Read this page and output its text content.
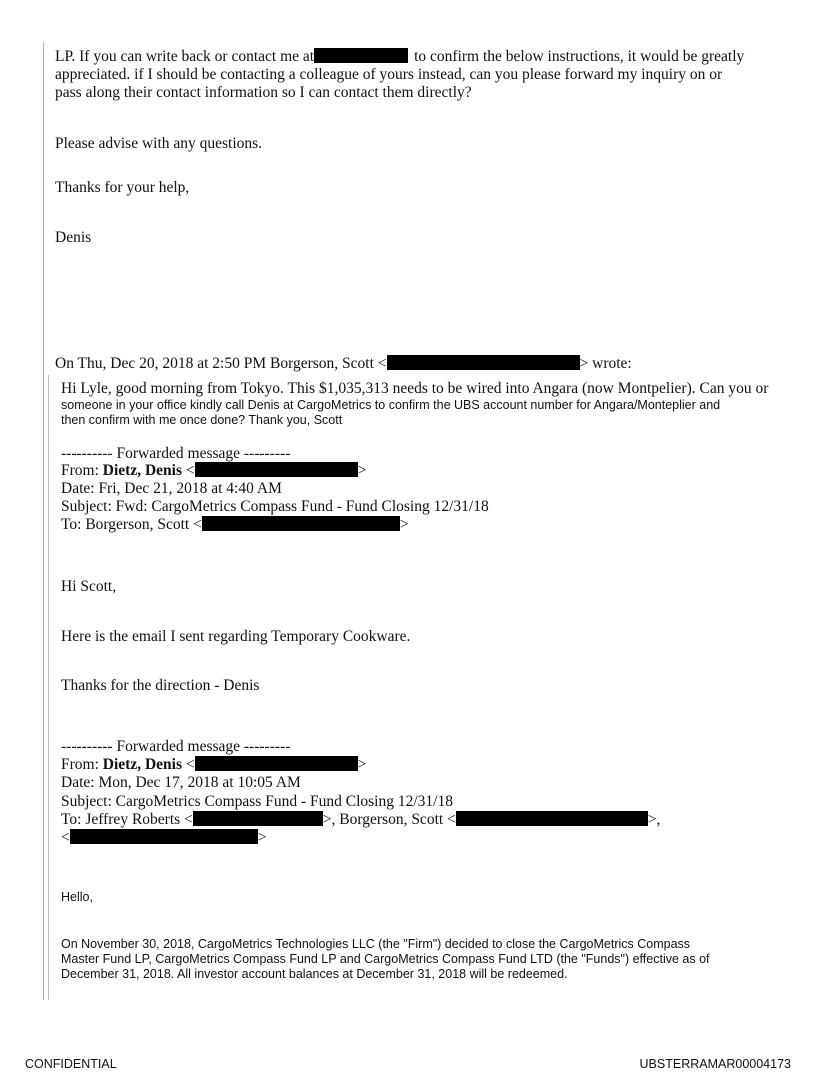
LP. If you can write back or contact me at	to confirm the below instructions, it would be greatly
appreciated. if I should be contacting a colleague of yours instead, can you please forward my inquiry on or
pass along their contact information so I can contact them directly?
Please advise with any questions.
Thanks for your help,
Denis
On Thu, Dec 20, 2018 at 2:50 PM Borgerson, Scott <	> wrote:
Hi Lyle, good morning from Tokyo. This $1,035,313 needs to be wired into Angara (now Montpelier). Can you or
someone in your office kindly call Denis at CargoMetrics to confirm the UBS account number for Angara/Monteplier and
then confirm with me once done? Thank you, Scott
---------- Forwarded message ---------
From: Dietz, Denis <	>
Date: Fri, Dec 21, 2018 at 4:40 AM
Subject: Fwd: CargoMetrics Compass Fund - Fund Closing 12/31/18
To: Borgerson, Scott <	>
Hi Scott,
Here is the email I sent regarding Temporary Cookware.
Thanks for the direction - Denis
---------- Forwarded message ---------
From: Dietz, Denis <	>
Date: Mon, Dec 17, 2018 at 10:05 AM
Subject: CargoMetrics Compass Fund - Fund Closing 12/31/18
To: Jeffrey Roberts <	>, Borgerson, Scott <	>,
<	>
Hello,
On November 30, 2018, CargoMetrics Technologies LLC (the "Firm") decided to close the CargoMetrics Compass
Master Fund LP, CargoMetrics Compass Fund LP and CargoMetrics Compass Fund LTD (the "Funds") effective as of
December 31, 2018. All investor account balances at December 31, 2018 will be redeemed.
CONFIDENTIAL	UBSTERRAMAR00004173
